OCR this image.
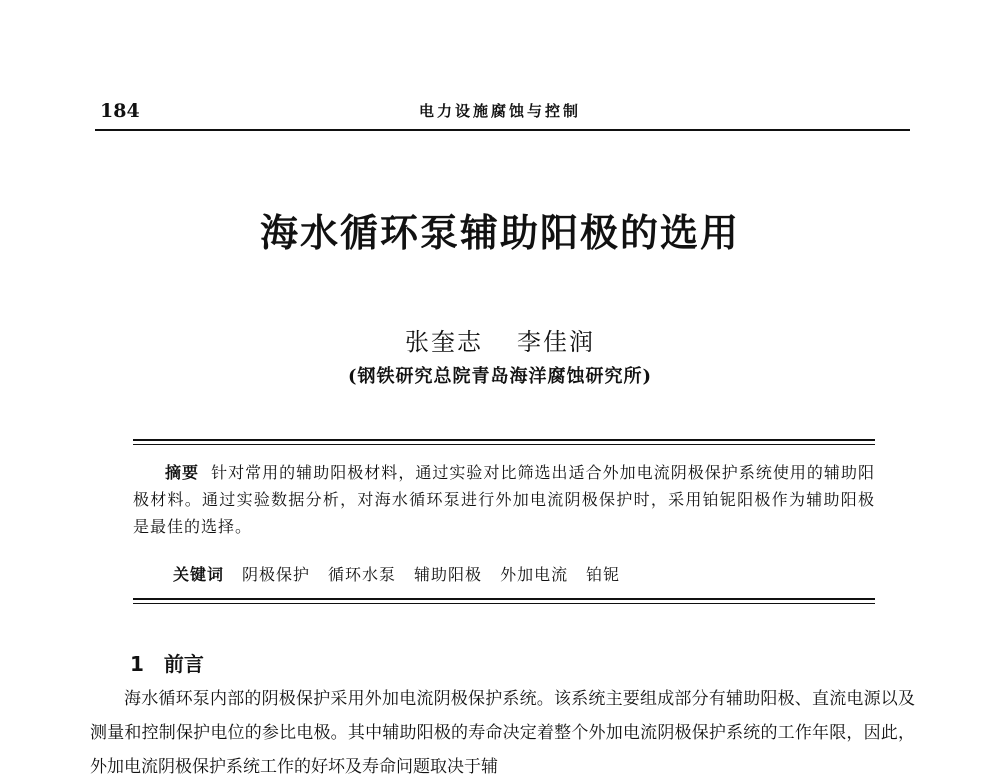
184	电力设施腐蚀与控制
海水循环泵辅助阳极的选用
张奎志 李佳润
(钢铁研究总院青岛海洋腐蚀研究所)

摘要 针对常用的辅助阳极材料，通过实验对比筛选出适合外加电流阴极保护系统使用的辅助阳极材料。通过实验数据分析，对海水循环泵进行外加电流阴极保护时，采用铂铌阳极作为辅助阳极是最佳的选择。

关键词 阴极保护 循环水泵 辅助阳极 外加电流 铂铌
1 前言

海水循环泵内部的阴极保护采用外加电流阴极保护系统。该系统主要组成部分有辅助阳极、直流电源以及测量和控制保护电位的参比电极。其中辅助阳极的寿命决定着整个外加电流阴极保护系统的工作年限，因此，外加电流阴极保护系统工作的好坏及寿命问题取决于辅
